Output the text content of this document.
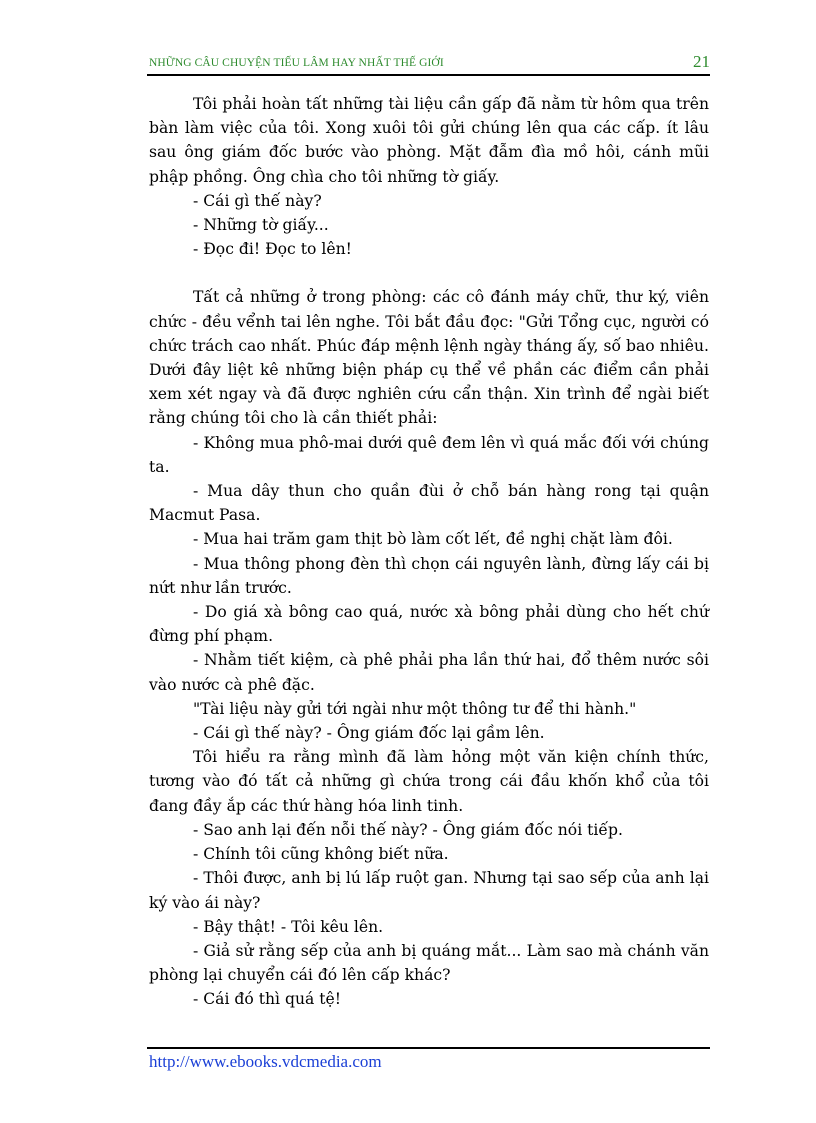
NHỮNG CÂU CHUYỆN TIẾU LÂM HAY NHẤT THẾ GIỚI	21

Tôi phải hoàn tất những tài liệu cần gấp đã nằm từ hôm qua trên bàn làm việc của tôi. Xong xuôi tôi gửi chúng lên qua các cấp. ít lâu sau ông giám đốc bước vào phòng. Mặt đẫm đìa mồ hôi, cánh mũi phập phồng. Ông chìa cho tôi những tờ giấy.

- Cái gì thế này?

- Những tờ giấy...

- Đọc đi! Đọc to lên!

Tất cả những ở trong phòng: các cô đánh máy chữ, thư ký, viên chức - đều vểnh tai lên nghe. Tôi bắt đầu đọc: "Gửi Tổng cục, người có chức trách cao nhất. Phúc đáp mệnh lệnh ngày tháng ấy, số bao nhiêu. Dưới đây liệt kê những biện pháp cụ thể về phần các điểm cần phải xem xét ngay và đã được nghiên cứu cẩn thận. Xin trình để ngài biết rằng chúng tôi cho là cần thiết phải:

- Không mua phô-mai dưới quê đem lên vì quá mắc đối với chúng ta.

- Mua dây thun cho quần đùi ở chỗ bán hàng rong tại quận Macmut Pasa.

- Mua hai trăm gam thịt bò làm cốt lết, đề nghị chặt làm đôi.

- Mua thông phong đèn thì chọn cái nguyên lành, đừng lấy cái bị nứt như lần trước.

- Do giá xà bông cao quá, nước xà bông phải dùng cho hết chứ đừng phí phạm.

- Nhằm tiết kiệm, cà phê phải pha lần thứ hai, đổ thêm nước sôi vào nước cà phê đặc.

"Tài liệu này gửi tới ngài như một thông tư để thi hành."

- Cái gì thế này? - Ông giám đốc lại gầm lên.

Tôi hiểu ra rằng mình đã làm hỏng một văn kiện chính thức, tương vào đó tất cả những gì chứa trong cái đầu khốn khổ của tôi đang đầy ắp các thứ hàng hóa linh tinh.

- Sao anh lại đến nỗi thế này? - Ông giám đốc nói tiếp.

- Chính tôi cũng không biết nữa.

- Thôi được, anh bị lú lấp ruột gan. Nhưng tại sao sếp của anh lại ký vào ái này?

- Bậy thật! - Tôi kêu lên.

- Giả sử rằng sếp của anh bị quáng mắt... Làm sao mà chánh văn phòng lại chuyển cái đó lên cấp khác?

- Cái đó thì quá tệ!

http://www.ebooks.vdcmedia.com
